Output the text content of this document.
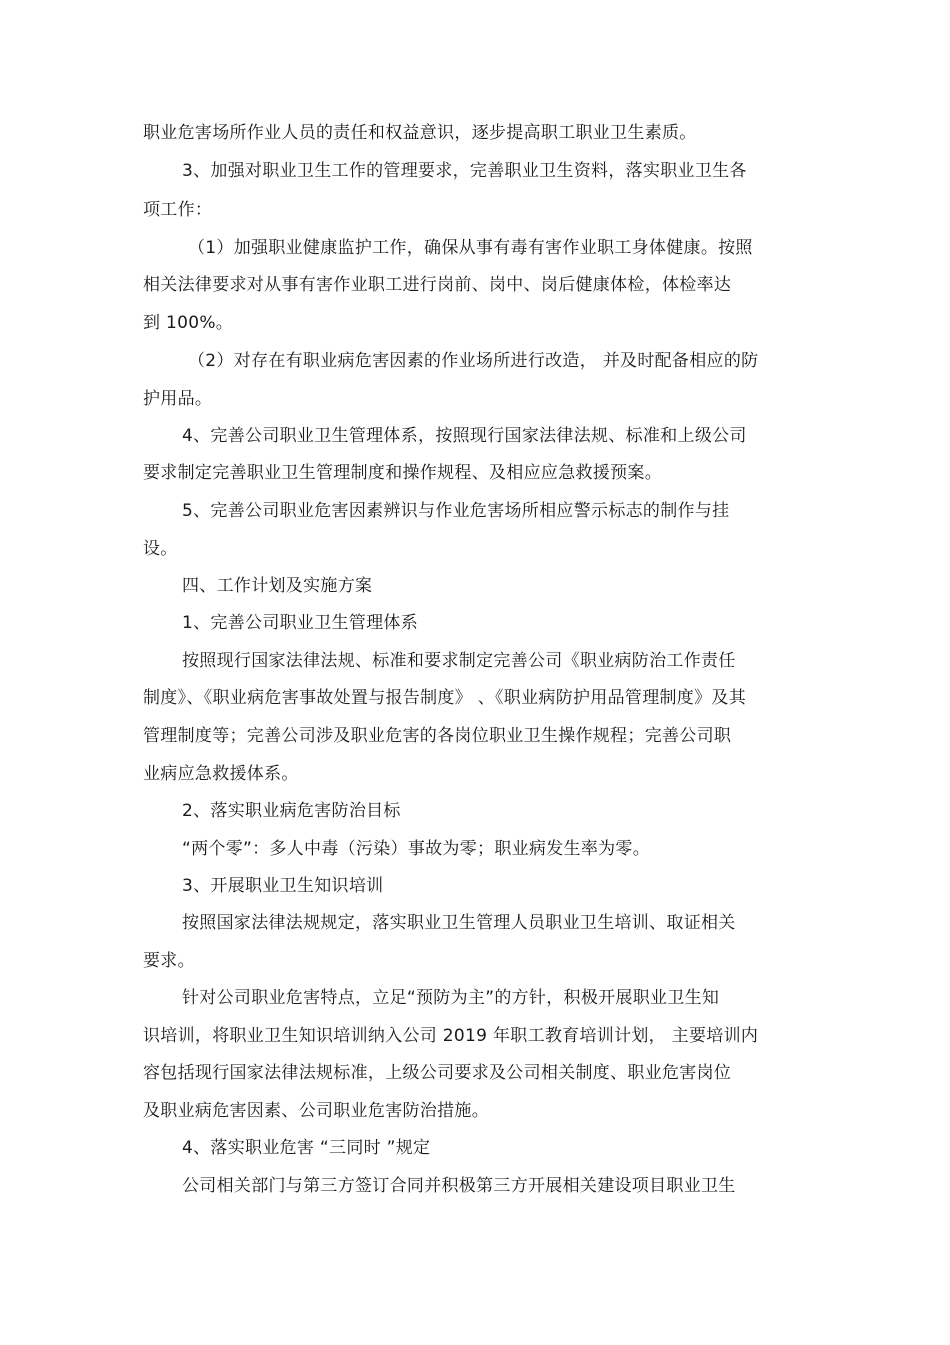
职业危害场所作业人员的责任和权益意识，逐步提高职工职业卫生素质。
3、加强对职业卫生工作的管理要求，完善职业卫生资料，落实职业卫生各
项工作：
（1）加强职业健康监护工作，确保从事有毒有害作业职工身体健康。按照
相关法律要求对从事有害作业职工进行岗前、岗中、岗后健康体检，体检率达
到 100%。
（2）对存在有职业病危害因素的作业场所进行改造， 并及时配备相应的防
护用品。
4、完善公司职业卫生管理体系，按照现行国家法律法规、标准和上级公司
要求制定完善职业卫生管理制度和操作规程、及相应应急救援预案。
5、完善公司职业危害因素辨识与作业危害场所相应警示标志的制作与挂
设。
四、工作计划及实施方案
1、完善公司职业卫生管理体系
按照现行国家法律法规、标准和要求制定完善公司《职业病防治工作责任
制度》、《职业病危害事故处置与报告制度》 、《职业病防护用品管理制度》及其
管理制度等；完善公司涉及职业危害的各岗位职业卫生操作规程；完善公司职
业病应急救援体系。
2、落实职业病危害防治目标
“两个零”：多人中毒（污染）事故为零；职业病发生率为零。
3、开展职业卫生知识培训
按照国家法律法规规定，落实职业卫生管理人员职业卫生培训、取证相关
要求。
针对公司职业危害特点，立足“预防为主”的方针，积极开展职业卫生知
识培训，将职业卫生知识培训纳入公司 2019 年职工教育培训计划， 主要培训内
容包括现行国家法律法规标准，上级公司要求及公司相关制度、职业危害岗位
及职业病危害因素、公司职业危害防治措施。
4、落实职业危害 “三同时 ”规定
公司相关部门与第三方签订合同并积极第三方开展相关建设项目职业卫生
